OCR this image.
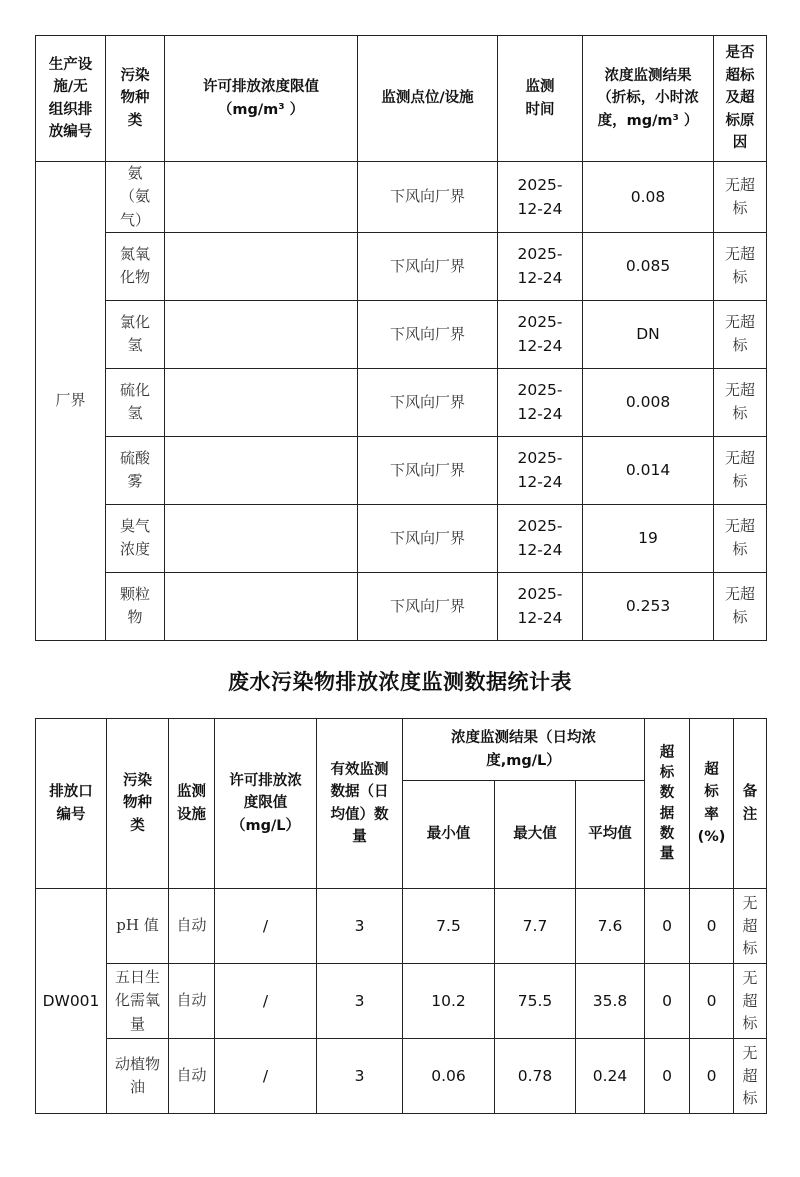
生产设
施/无
组织排
放编号	污染
物种
类	许可排放浓度限值
（mg/m³ ）	监测点位/设施	监测
时间	浓度监测结果
（折标，小时浓
度，mg/m³ ）	是否
超标
及超
标原
因
厂界	氨
（氨
气）		下风向厂界	2025-
12-24	0.08	无超
标
	氮氧
化物		下风向厂界	2025-
12-24	0.085	无超
标
	氯化
氢		下风向厂界	2025-
12-24	DN	无超
标
	硫化
氢		下风向厂界	2025-
12-24	0.008	无超
标
	硫酸
雾		下风向厂界	2025-
12-24	0.014	无超
标
	臭气
浓度		下风向厂界	2025-
12-24	19	无超
标
	颗粒
物		下风向厂界	2025-
12-24	0.253	无超
标
废水污染物排放浓度监测数据统计表
排放口
编号	污染
物种
类	监测
设施	许可排放浓
度限值
（mg/L）	有效监测
数据（日
均值）数
量	浓度监测结果（日均浓
度,mg/L）	超
标
数
据
数
量	超
标
率
(%)	备
注
					最小值	最大值	平均值			
DW001	pH 值	自动	/	3	7.5	7.7	7.6	0	0	无
超
标
	五日生
化需氧
量	自动	/	3	10.2	75.5	35.8	0	0	无
超
标
	动植物
油	自动	/	3	0.06	0.78	0.24	0	0	无
超
标
